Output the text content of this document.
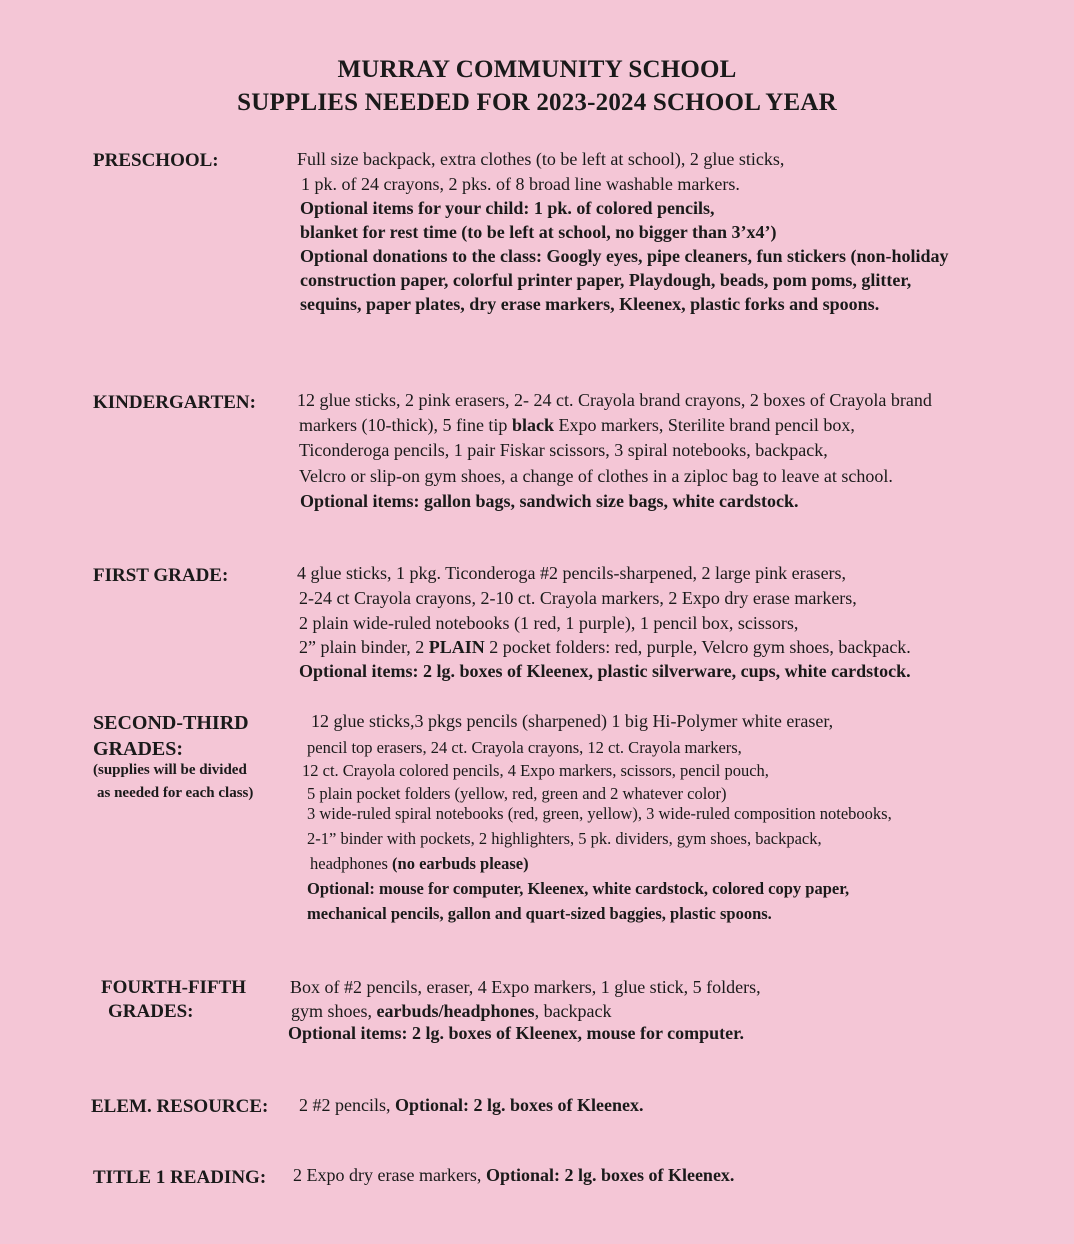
MURRAY COMMUNITY SCHOOL
SUPPLIES NEEDED FOR 2023-2024 SCHOOL YEAR
PRESCHOOL:	Full size backpack, extra clothes (to be left at school), 2 glue sticks,
1 pk. of 24 crayons, 2 pks. of 8 broad line washable markers.
Optional items for your child: 1 pk. of colored pencils,
blanket for rest time (to be left at school, no bigger than 3’x4’)
Optional donations to the class: Googly eyes, pipe cleaners, fun stickers (non-holiday
construction paper, colorful printer paper, Playdough, beads, pom poms, glitter,
sequins, paper plates, dry erase markers, Kleenex, plastic forks and spoons.
KINDERGARTEN: 12 glue sticks, 2 pink erasers, 2- 24 ct. Crayola brand crayons, 2 boxes of Crayola brand
markers (10-thick), 5 fine tip black Expo markers, Sterilite brand pencil box,
Ticonderoga pencils, 1 pair Fiskar scissors, 3 spiral notebooks, backpack,
Velcro or slip-on gym shoes, a change of clothes in a ziploc bag to leave at school.
Optional items: gallon bags, sandwich size bags, white cardstock.
FIRST GRADE:	4 glue sticks, 1 pkg. Ticonderoga #2 pencils-sharpened, 2 large pink erasers,
2-24 ct Crayola crayons, 2-10 ct. Crayola markers, 2 Expo dry erase markers,
2 plain wide-ruled notebooks (1 red, 1 purple), 1 pencil box, scissors,
2” plain binder, 2 PLAIN 2 pocket folders: red, purple, Velcro gym shoes, backpack.
Optional items: 2 lg. boxes of Kleenex, plastic silverware, cups, white cardstock.
SECOND-THIRD
GRADES:
(supplies will be divided
as needed for each class)
12 glue sticks,3 pkgs pencils (sharpened) 1 big Hi-Polymer white eraser,
pencil top erasers, 24 ct. Crayola crayons, 12 ct. Crayola markers,
12 ct. Crayola colored pencils, 4 Expo markers, scissors, pencil pouch,
5 plain pocket folders (yellow, red, green and 2 whatever color)
3 wide-ruled spiral notebooks (red, green, yellow), 3 wide-ruled composition notebooks,
2-1” binder with pockets, 2 highlighters, 5 pk. dividers, gym shoes, backpack,
headphones (no earbuds please)
Optional: mouse for computer, Kleenex, white cardstock, colored copy paper,
mechanical pencils, gallon and quart-sized baggies, plastic spoons.
FOURTH-FIFTH
GRADES:
Box of #2 pencils, eraser, 4 Expo markers, 1 glue stick, 5 folders,
gym shoes, earbuds/headphones, backpack
Optional items: 2 lg. boxes of Kleenex, mouse for computer.
ELEM. RESOURCE: 2 #2 pencils, Optional: 2 lg. boxes of Kleenex.
TITLE 1 READING: 2 Expo dry erase markers, Optional: 2 lg. boxes of Kleenex.
